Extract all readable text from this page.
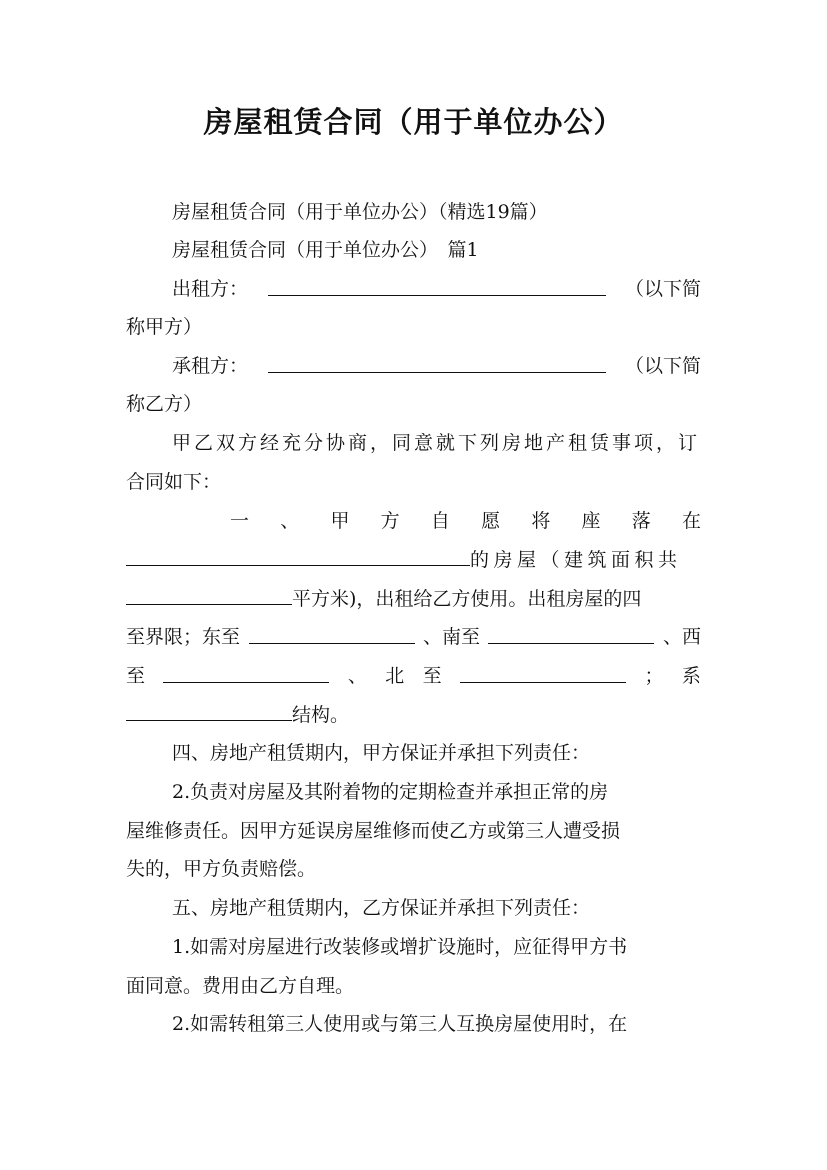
房屋租赁合同（用于单位办公）

房屋租赁合同（用于单位办公）（精选19篇）

房屋租赁合同（用于单位办公）　篇1

出租方：	（以下简

称甲方）

承租方：	（以下简

称乙方）

甲乙双方经充分协商，同意就下列房地产租赁事项，订

合同如下：

一 、 甲 方 自 愿 将 座 落 在

的房屋（建筑面积共

平方米)，出租给乙方使用。出租房屋的四

至界限；东至	、南至	、西

至	、 北 至	； 系

结构。

四、房地产租赁期内，甲方保证并承担下列责任：

2.负责对房屋及其附着物的定期检查并承担正常的房

屋维修责任。因甲方延误房屋维修而使乙方或第三人遭受损

失的，甲方负责赔偿。

五、房地产租赁期内，乙方保证并承担下列责任：

1.如需对房屋进行改装修或增扩设施时，应征得甲方书

面同意。费用由乙方自理。

2.如需转租第三人使用或与第三人互换房屋使用时，在
